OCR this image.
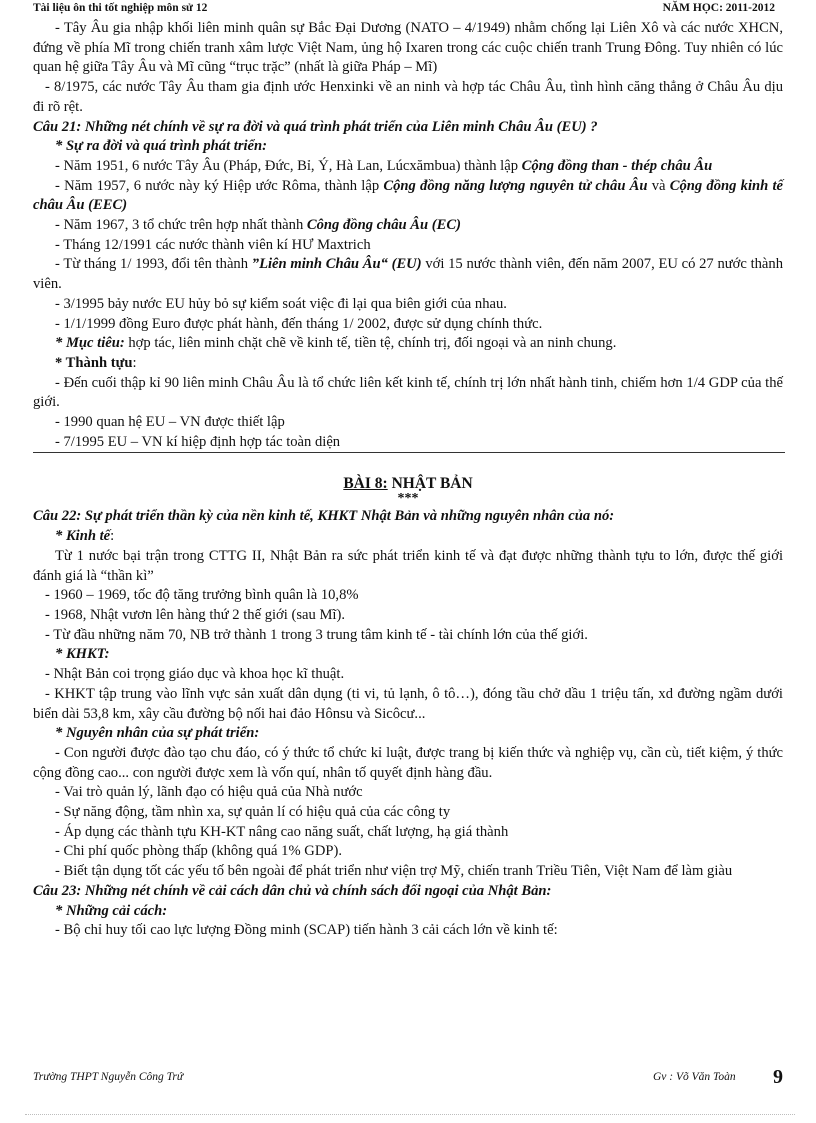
Tài liệu ôn thi tốt nghiệp môn sử 12	NĂM HỌC: 2011-2012

- Tây Âu gia nhập khối liên minh quân sự Bắc Đại Dương (NATO – 4/1949) nhằm chống lại Liên Xô và các nước XHCN, đứng về phía Mĩ trong chiến tranh xâm lược Việt Nam, ủng hộ Ixaren trong các cuộc chiến tranh Trung Đông. Tuy nhiên có lúc quan hệ giữa Tây Âu và Mĩ cũng “trục trặc” (nhất là giữa Pháp – Mĩ)

- 8/1975, các nước Tây Âu tham gia định ước Henxinki về an ninh và hợp tác Châu Âu, tình hình căng thẳng ở Châu Âu dịu đi rõ rệt.

Câu 21: Những nét chính về sự ra đời và quá trình phát triển của Liên minh Châu Âu (EU) ?

* Sự ra đời và quá trình phát triển:

- Năm 1951, 6 nước Tây Âu (Pháp, Đức, Bỉ, Ý, Hà Lan, Lúcxămbua) thành lập Cộng đồng than - thép châu Âu

- Năm 1957, 6 nước này ký Hiệp ước Rôma, thành lập Cộng đồng năng lượng nguyên tử châu Âu và Cộng đồng kinh tế châu Âu (EEC)

- Năm 1967, 3 tổ chức trên hợp nhất thành Công đồng châu Âu (EC)

- Tháng 12/1991 các nước thành viên kí HƯ Maxtrich

- Từ tháng 1/ 1993, đổi tên thành ”Liên minh Châu Âu“ (EU) với 15 nước thành viên, đến năm 2007, EU có 27 nước thành viên.

- 3/1995 bảy nước EU hủy bỏ sự kiểm soát việc đi lại qua biên giới của nhau.

- 1/1/1999 đồng Euro được phát hành, đến tháng 1/ 2002, được sử dụng chính thức.

* Mục tiêu: hợp tác, liên minh chặt chẽ về kinh tế, tiền tệ, chính trị, đối ngoại và an ninh chung.

* Thành tựu:

- Đến cuối thập kỉ 90 liên minh Châu Âu là tổ chức liên kết kinh tế, chính trị lớn nhất hành tinh, chiếm hơn 1/4 GDP của thế giới.

- 1990 quan hệ EU – VN được thiết lập

- 7/1995 EU – VN kí hiệp định hợp tác toàn diện

BÀI 8: NHẬT BẢN
***

Câu 22: Sự phát triển thần kỳ của nền kinh tế, KHKT Nhật Bản và những nguyên nhân của nó:

* Kinh tế:

Từ 1 nước bại trận trong CTTG II, Nhật Bản ra sức phát triển kinh tế và đạt được những thành tựu to lớn, được thế giới đánh giá là “thần kì”

- 1960 – 1969, tốc độ tăng trưởng bình quân là 10,8%

- 1968, Nhật vươn lên hàng thứ 2 thế giới (sau Mĩ).

- Từ đầu những năm 70, NB trở thành 1 trong 3 trung tâm kinh tế - tài chính lớn của thế giới.

* KHKT:

- Nhật Bản coi trọng giáo dục và khoa học kĩ thuật.

- KHKT tập trung vào lĩnh vực sản xuất dân dụng (ti vi, tủ lạnh, ô tô…), đóng tầu chở dầu 1 triệu tấn, xd đường ngầm dưới biển dài 53,8 km, xây cầu đường bộ nối hai đảo Hônsu và Sicôcư...

* Nguyên nhân của sự phát triển:

- Con người được đào tạo chu đáo, có ý thức tổ chức kỉ luật, được trang bị kiến thức và nghiệp vụ, cần cù, tiết kiệm, ý thức cộng đồng cao... con người được xem là vốn quí, nhân tố quyết định hàng đầu.

- Vai trò quản lý, lãnh đạo có hiệu quả của Nhà nước

- Sự năng động, tầm nhìn xa, sự quản lí có hiệu quả của các công ty

- Áp dụng các thành tựu KH-KT nâng cao năng suất, chất lượng, hạ giá thành

- Chi phí quốc phòng thấp (không quá 1% GDP).

- Biết tận dụng tốt các yếu tố bên ngoài để phát triển như viện trợ Mỹ, chiến tranh Triều Tiên, Việt Nam để làm giàu

Câu 23: Những nét chính về cải cách dân chủ và chính sách đối ngoại của Nhật Bản:

* Những cải cách:

- Bộ chỉ huy tối cao lực lượng Đồng minh (SCAP) tiến hành 3 cải cách lớn về kinh tế:

Trường THPT Nguyễn Công Trứ	Gv : Võ Văn Toàn 9
